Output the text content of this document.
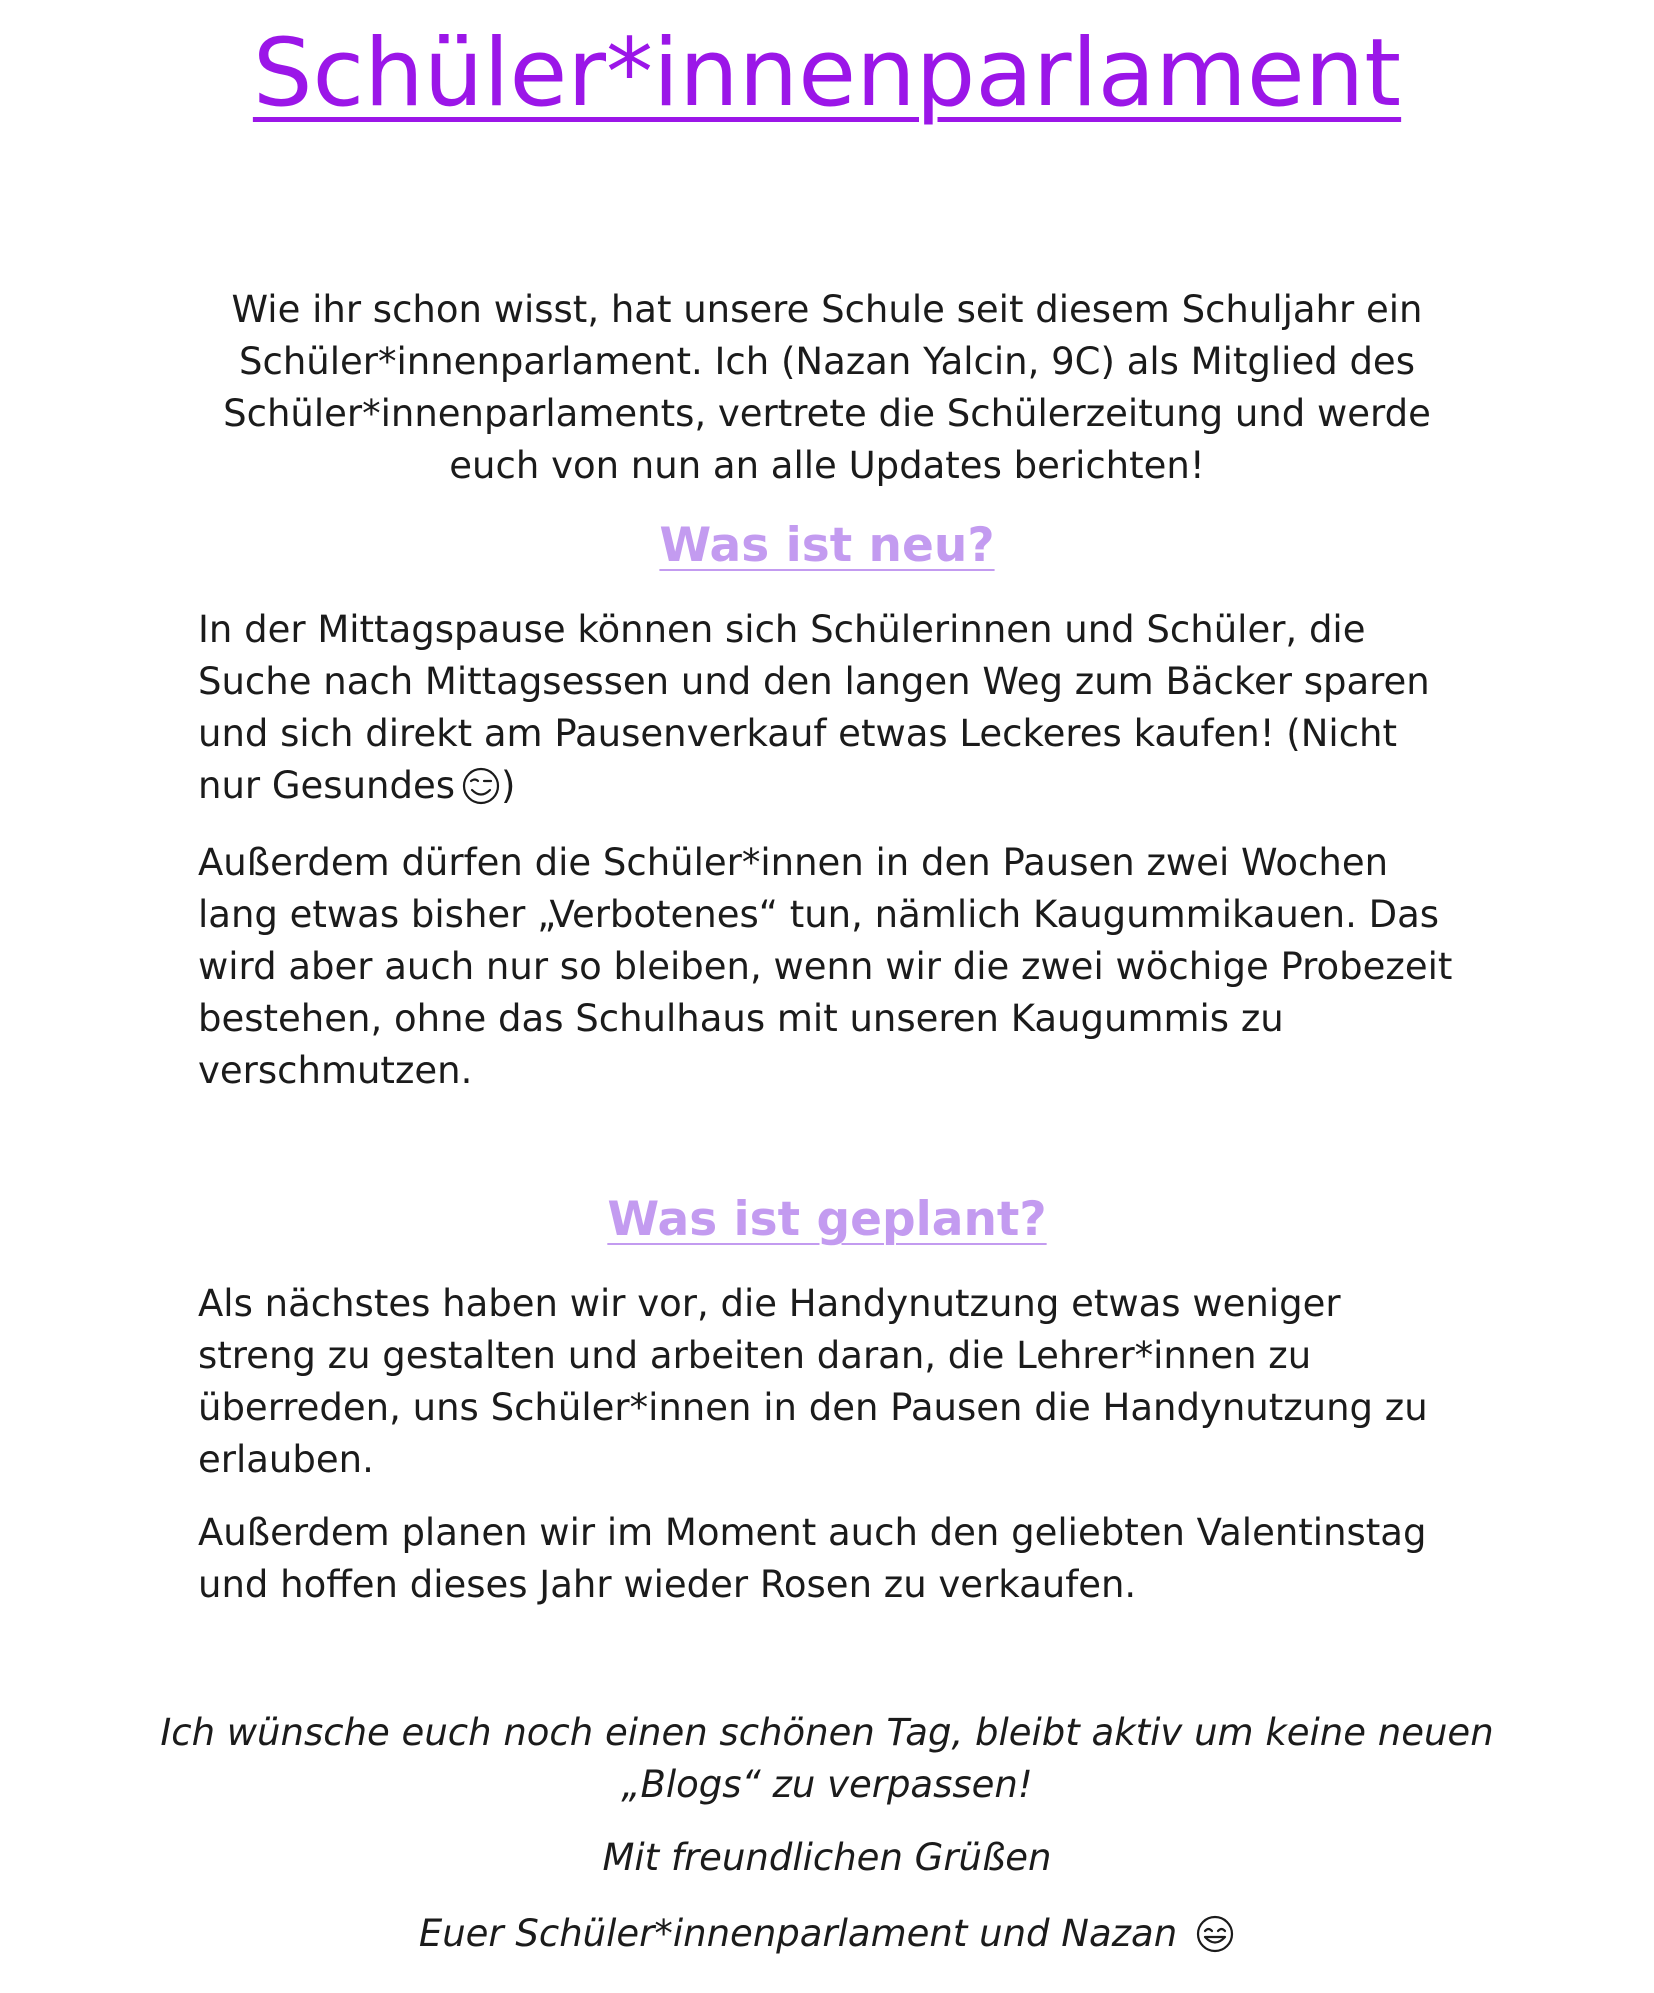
Schüler*innenparlament

Wie ihr schon wisst, hat unsere Schule seit diesem Schuljahr ein Schüler*innenparlament. Ich (Nazan Yalcin, 9C) als Mitglied des Schüler*innenparlaments, vertrete die Schülerzeitung und werde euch von nun an alle Updates berichten!

Was ist neu?

In der Mittagspause können sich Schülerinnen und Schüler, die Suche nach Mittagsessen und den langen Weg zum Bäcker sparen und sich direkt am Pausenverkauf etwas Leckeres kaufen! (Nicht nur Gesundes )

Außerdem dürfen die Schüler*innen in den Pausen zwei Wochen lang etwas bisher „Verbotenes“ tun, nämlich Kaugummikauen. Das wird aber auch nur so bleiben, wenn wir die zwei wöchige Probezeit bestehen, ohne das Schulhaus mit unseren Kaugummis zu verschmutzen.

Was ist geplant?

Als nächstes haben wir vor, die Handynutzung etwas weniger streng zu gestalten und arbeiten daran, die Lehrer*innen zu überreden, uns Schüler*innen in den Pausen die Handynutzung zu erlauben.

Außerdem planen wir im Moment auch den geliebten Valentinstag und hoffen dieses Jahr wieder Rosen zu verkaufen.

Ich wünsche euch noch einen schönen Tag, bleibt aktiv um keine neuen „Blogs“ zu verpassen!

Mit freundlichen Grüßen

Euer Schüler*innenparlament und Nazan
